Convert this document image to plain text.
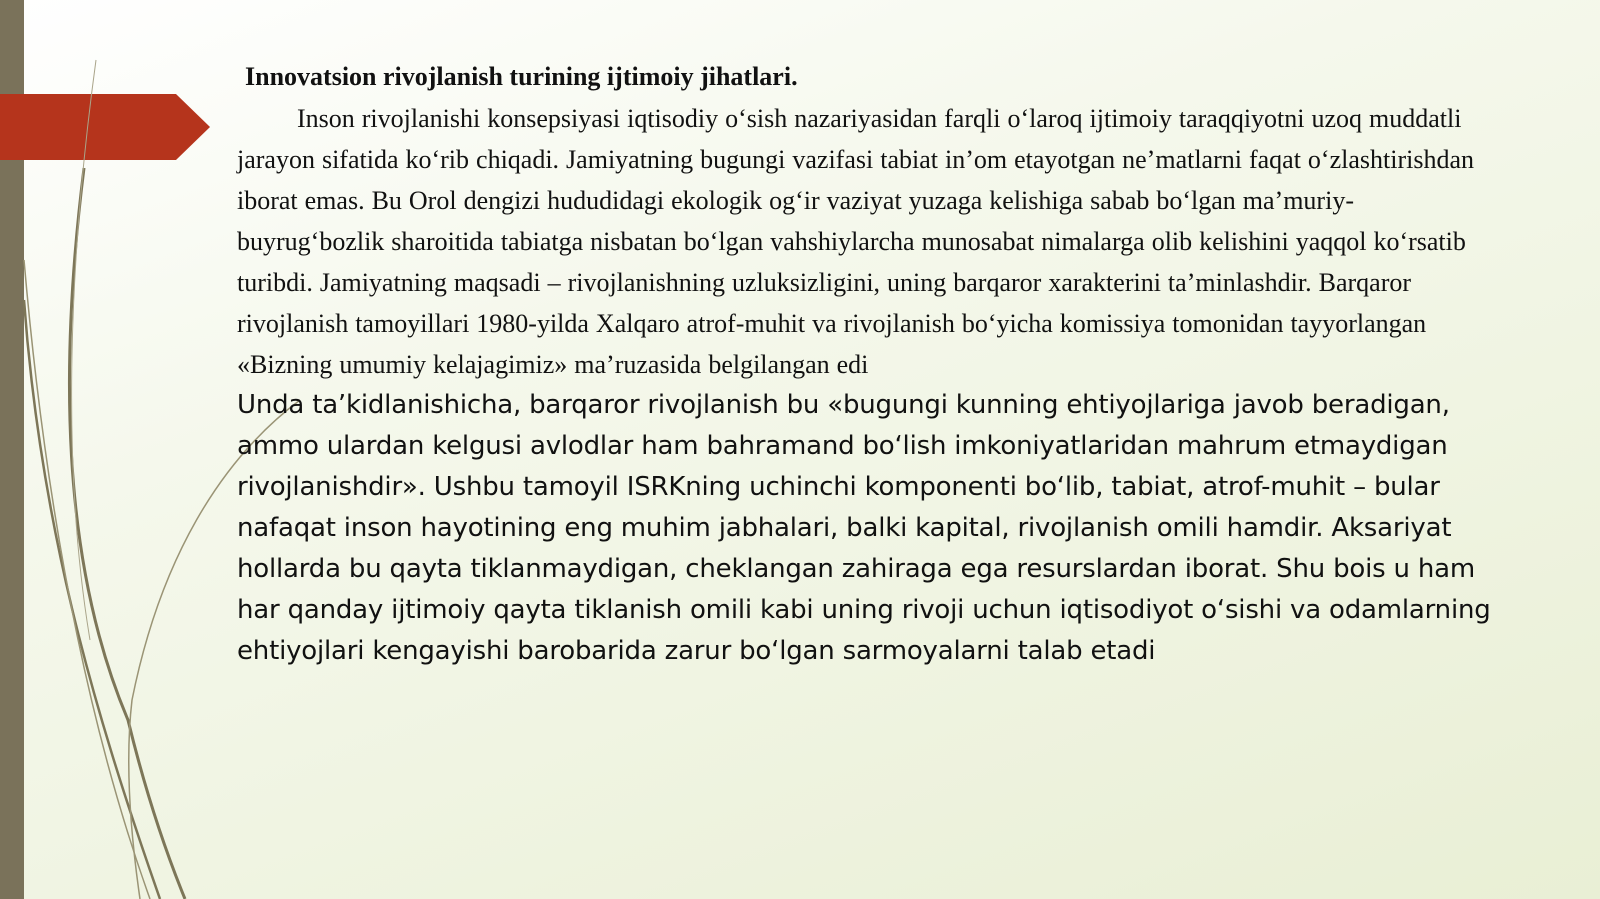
Innovatsion rivojlanish turining ijtimoiy jihatlari.
Inson rivojlanishi konsepsiyasi iqtisodiy o‘sish nazariyasidan farqli o‘laroq ijtimoiy taraqqiyotni uzoq muddatli jarayon sifatida ko‘rib chiqadi. Jamiyatning bugungi vazifasi tabiat in’om etayotgan ne’matlarni faqat o‘zlashtirishdan iborat emas. Bu Orol dengizi hududidagi ekologik og‘ir vaziyat yuzaga kelishiga sabab bo‘lgan ma’muriy-buyrug‘bozlik sharoitida tabiatga nisbatan bo‘lgan vahshiylarcha munosabat nimalarga olib kelishini yaqqol ko‘rsatib turibdi. Jamiyatning maqsadi – rivojlanishning uzluksizligini, uning barqaror xarakterini ta’minlashdir. Barqaror rivojlanish tamoyillari 1980-yilda Xalqaro atrof-muhit va rivojlanish bo‘yicha komissiya tomonidan tayyorlangan «Bizning umumiy kelajagimiz» ma’ruzasida belgilangan edi
Unda ta’kidlanishicha, barqaror rivojlanish bu «bugungi kunning ehtiyojlariga javob beradigan, ammo ulardan kelgusi avlodlar ham bahramand bo‘lish imkoniyatlaridan mahrum etmaydigan rivojlanishdir». Ushbu tamoyil ISRKning uchinchi komponenti bo‘lib, tabiat, atrof-muhit – bular nafaqat inson hayotining eng muhim jabhalari, balki kapital, rivojlanish omili hamdir. Aksariyat hollarda bu qayta tiklanmaydigan, cheklangan zahiraga ega resurslardan iborat. Shu bois u ham har qanday ijtimoiy qayta tiklanish omili kabi uning rivoji uchun iqtisodiyot o‘sishi va odamlarning ehtiyojlari kengayishi barobarida zarur bo‘lgan sarmoyalarni talab etadi
